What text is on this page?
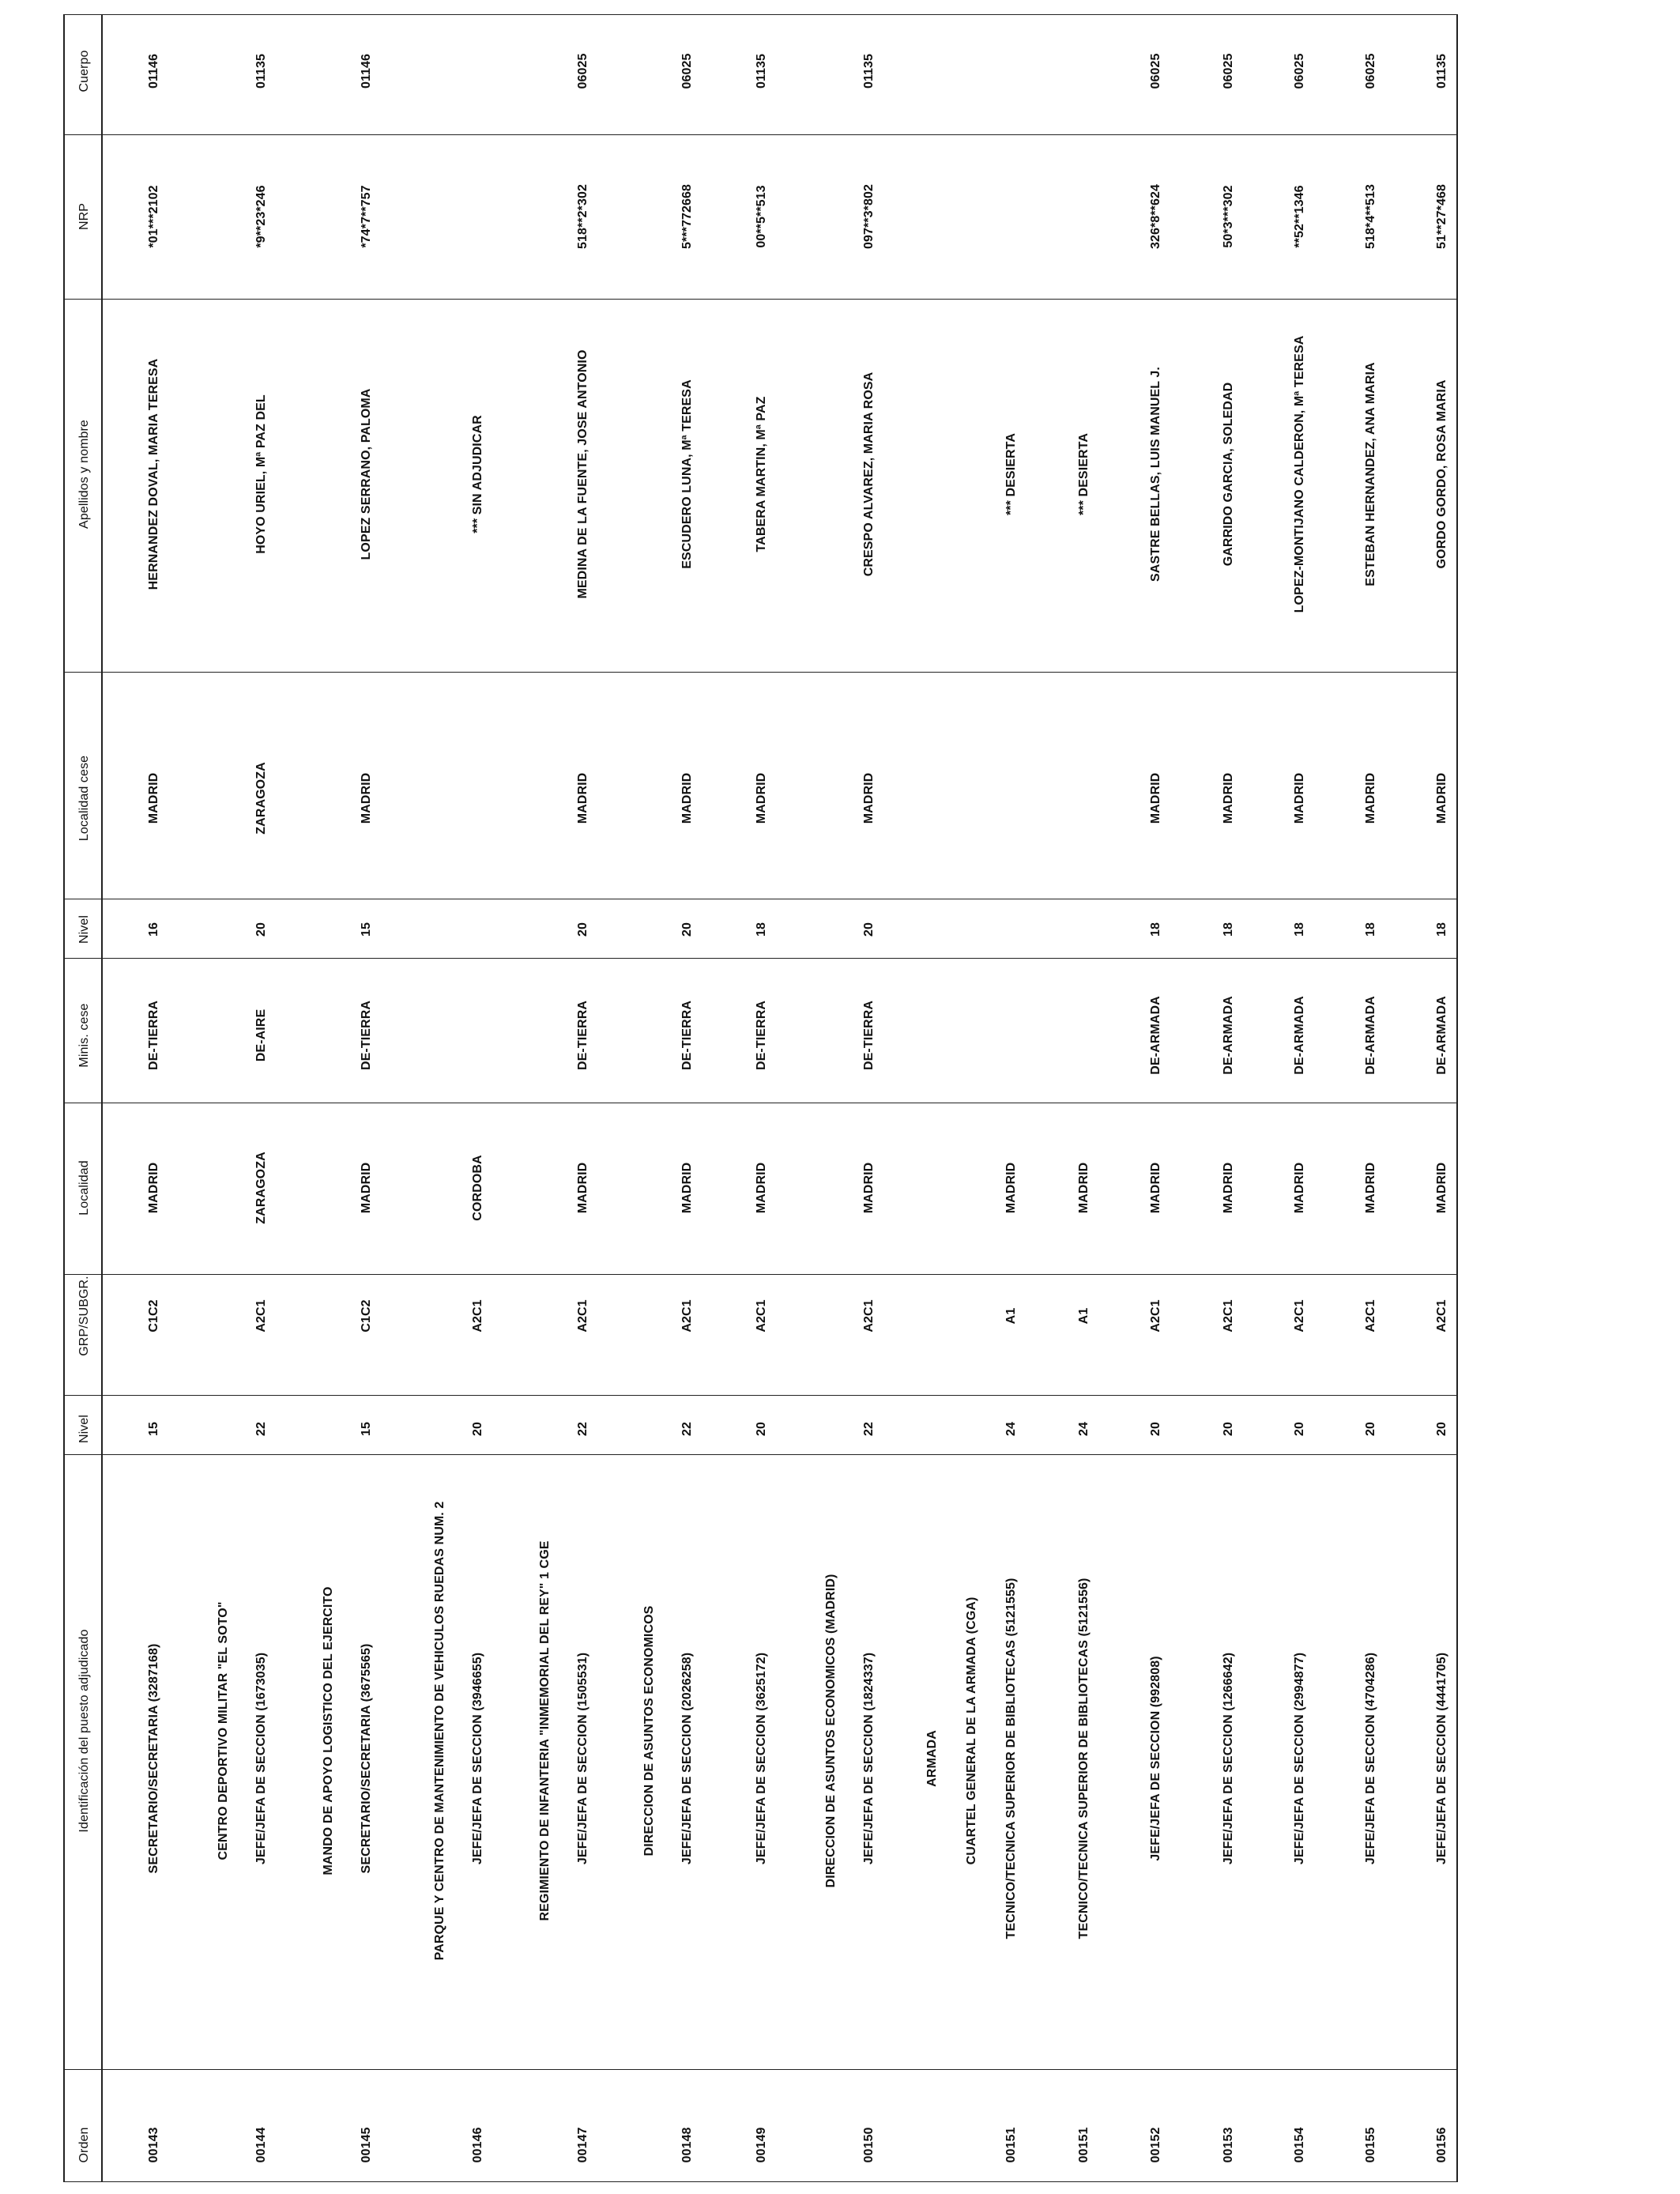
Orden
Identificación del puesto adjudicado
Nivel
GRP/SUBGR.
Localidad
Minis. cese
Nivel
Localidad cese
Apellidos y nombre
NRP
Cuerpo
00143
SECRETARIO/SECRETARIA (3287168)
15
C1C2
MADRID
DE-TIERRA
16
MADRID
HERNANDEZ DOVAL, MARIA TERESA
*01***2102
01146
00144
CENTRO DEPORTIVO MILITAR "EL SOTO" JEFE/JEFA DE SECCION (1673035)
22
A2C1
ZARAGOZA
DE-AIRE
20
ZARAGOZA
HOYO URIEL, Mª PAZ DEL
*9**23*246
01135
00145
MANDO DE APOYO LOGISTICO DEL EJERCITO SECRETARIO/SECRETARIA (3675565)
15
C1C2
MADRID
DE-TIERRA
15
MADRID
LOPEZ SERRANO, PALOMA
*74*7**757
01146
00146
PARQUE Y CENTRO DE MANTENIMIENTO DE VEHICULOS RUEDAS NUM. 2 JEFE/JEFA DE SECCION (3946655)
20
A2C1
CORDOBA
*** SIN ADJUDICAR
00147
REGIMIENTO DE INFANTERIA "INMEMORIAL DEL REY" 1 CGE JEFE/JEFA DE SECCION (1505531)
22
A2C1
MADRID
DE-TIERRA
20
MADRID
MEDINA DE LA FUENTE, JOSE ANTONIO
518**2*302
06025
00148
DIRECCION DE ASUNTOS ECONOMICOS JEFE/JEFA DE SECCION (2026258)
22
A2C1
MADRID
DE-TIERRA
20
MADRID
ESCUDERO LUNA, Mª TERESA
5***772668
06025
00149
JEFE/JEFA DE SECCION (3625172)
20
A2C1
MADRID
DE-TIERRA
18
MADRID
TABERA MARTIN, Mª PAZ
00**5**513
01135
00150
DIRECCION DE ASUNTOS ECONOMICOS (MADRID) JEFE/JEFA DE SECCION (1824337)
22
A2C1
MADRID
DE-TIERRA
20
MADRID
CRESPO ALVAREZ, MARIA ROSA
097**3*802
01135
00151
ARMADA CUARTEL GENERAL DE LA ARMADA (CGA) TECNICO/TECNICA SUPERIOR DE BIBLIOTECAS (5121555)
24
A1
MADRID
*** DESIERTA
00151
TECNICO/TECNICA SUPERIOR DE BIBLIOTECAS (5121556)
24
A1
MADRID
*** DESIERTA
00152
JEFE/JEFA DE SECCION (992808)
20
A2C1
MADRID
DE-ARMADA
18
MADRID
SASTRE BELLAS, LUIS MANUEL J.
326*8**624
06025
00153
JEFE/JEFA DE SECCION (1266642)
20
A2C1
MADRID
DE-ARMADA
18
MADRID
GARRIDO GARCIA, SOLEDAD
50*3***302
06025
00154
JEFE/JEFA DE SECCION (2994877)
20
A2C1
MADRID
DE-ARMADA
18
MADRID
LOPEZ-MONTIJANO CALDERON, Mª TERESA
**52**1346
06025
00155
JEFE/JEFA DE SECCION (4704286)
20
A2C1
MADRID
DE-ARMADA
18
MADRID
ESTEBAN HERNANDEZ, ANA MARIA
518*4**513
06025
00156
JEFE/JEFA DE SECCION (4441705)
20
A2C1
MADRID
DE-ARMADA
18
MADRID
GORDO GORDO, ROSA MARIA
51**27*468
01135
